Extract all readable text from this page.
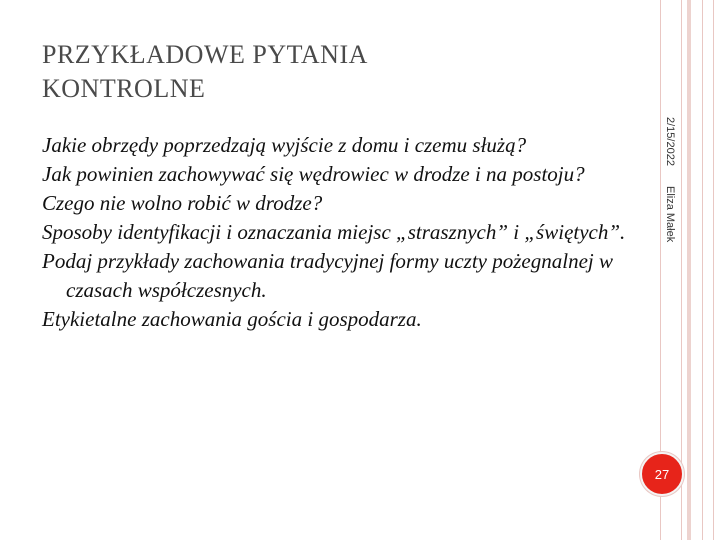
PRZYKŁADOWE PYTANIA
KONTROLNE
2/15/2022
Eliza Małek
Jakie obrzędy poprzedzają wyjście z domu i czemu służą?
Jak powinien zachowywać się wędrowiec w drodze i na postoju?
Czego nie wolno robić w drodze?
Sposoby identyfikacji i oznaczania miejsc „strasznych” i „świętych”.
Podaj przykłady zachowania tradycyjnej formy uczty pożegnalnej w czasach współczesnych.
Etykietalne zachowania gościa i gospodarza.
27
